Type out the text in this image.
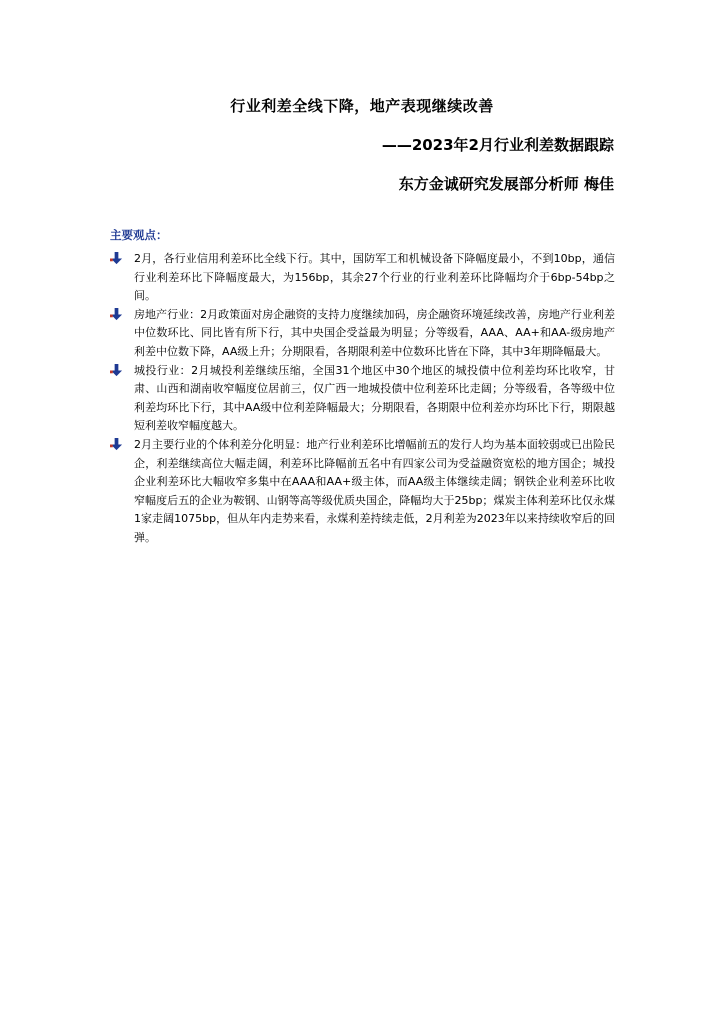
行业利差全线下降，地产表现继续改善
——2023年2月行业利差数据跟踪
东方金诚研究发展部分析师 梅佳
主要观点：
2月，各行业信用利差环比全线下行。其中，国防军工和机械设备下降幅度最小，不到10bp，通信行业利差环比下降幅度最大，为156bp，其余27个行业的行业利差环比降幅均介于6bp-54bp之间。
房地产行业：2月政策面对房企融资的支持力度继续加码，房企融资环境延续改善，房地产行业利差中位数环比、同比皆有所下行，其中央国企受益最为明显；分等级看，AAA、AA+和AA-级房地产利差中位数下降，AA级上升；分期限看，各期限利差中位数环比皆在下降，其中3年期降幅最大。
城投行业：2月城投利差继续压缩，全国31个地区中30个地区的城投债中位利差均环比收窄，甘肃、山西和湖南收窄幅度位居前三，仅广西一地城投债中位利差环比走阔；分等级看，各等级中位利差均环比下行，其中AA级中位利差降幅最大；分期限看，各期限中位利差亦均环比下行，期限越短利差收窄幅度越大。
2月主要行业的个体利差分化明显：地产行业利差环比增幅前五的发行人均为基本面较弱或已出险民企，利差继续高位大幅走阔，利差环比降幅前五名中有四家公司为受益融资宽松的地方国企；城投企业利差环比大幅收窄多集中在AAA和AA+级主体，而AA级主体继续走阔；钢铁企业利差环比收窄幅度后五的企业为鞍钢、山钢等高等级优质央国企，降幅均大于25bp；煤炭主体利差环比仅永煤1家走阔1075bp，但从年内走势来看，永煤利差持续走低，2月利差为2023年以来持续收窄后的回弹。
